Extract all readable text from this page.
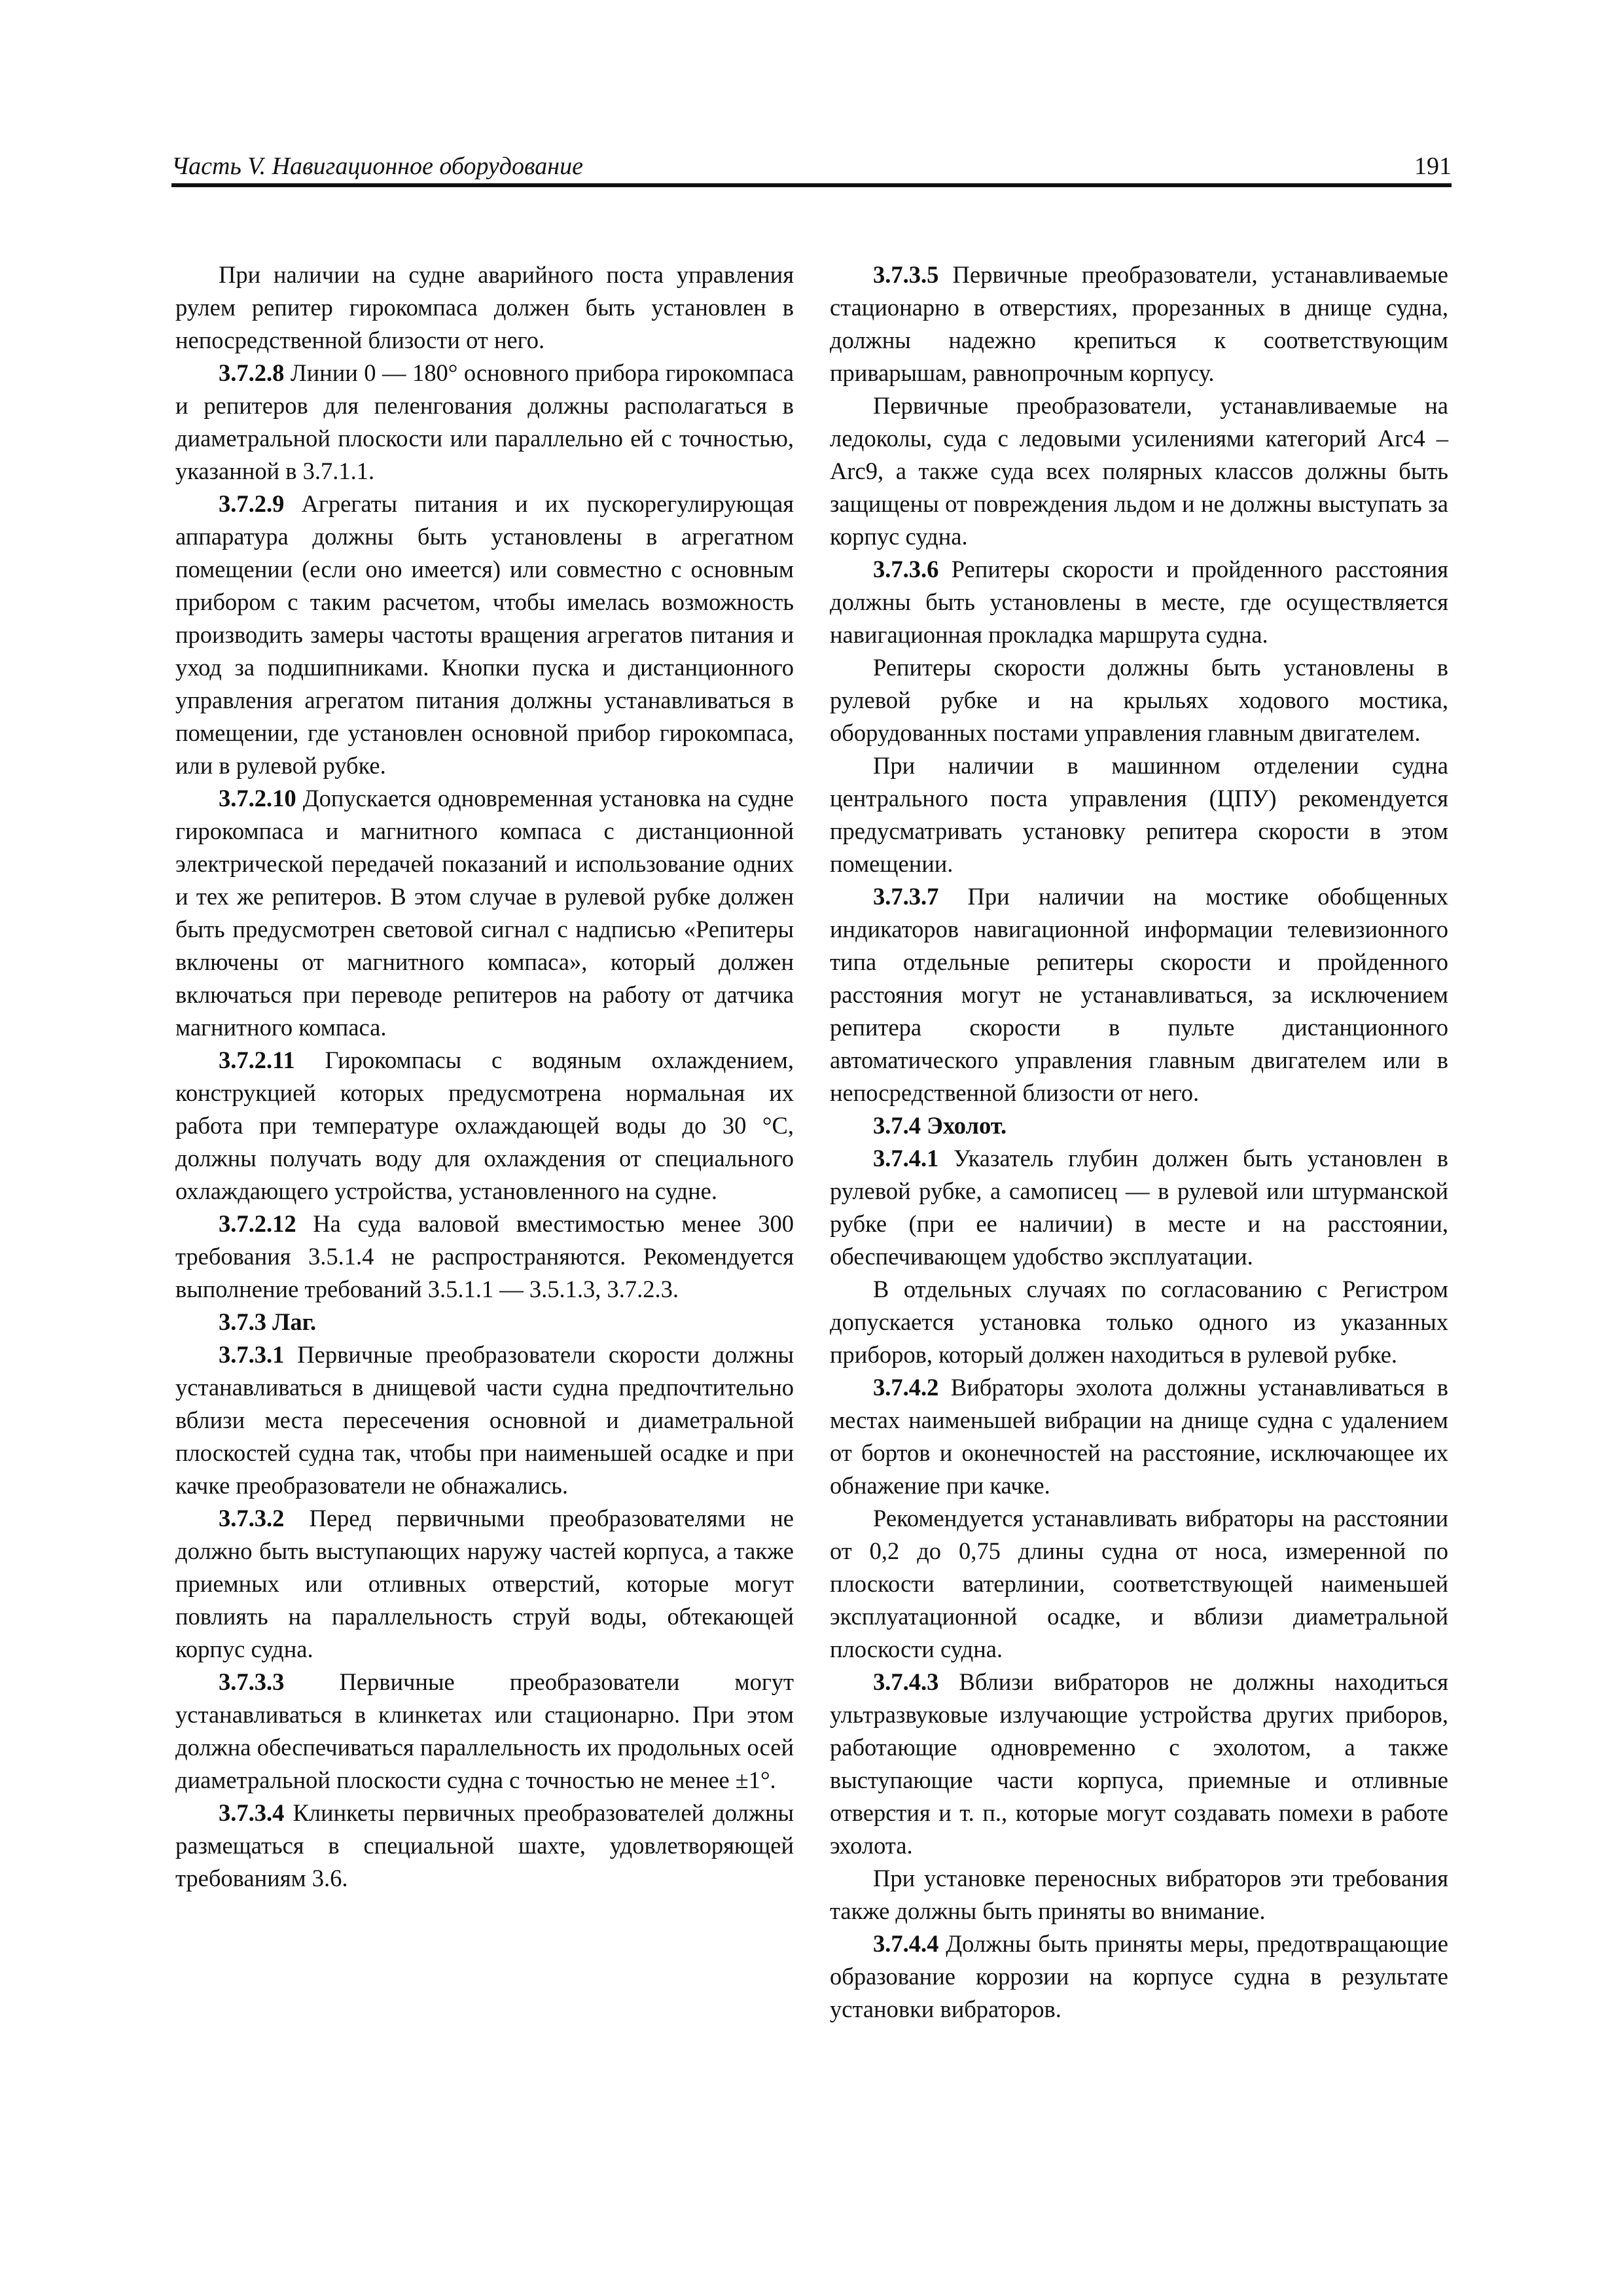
Часть V. Навигационное оборудование	191

При наличии на судне аварийного поста управления рулем репитер гирокомпаса должен быть установлен в непосредственной близости от него.

3.7.2.8 Линии 0 — 180° основного прибора гирокомпаса и репитеров для пеленгования должны располагаться в диаметральной плоскости или параллельно ей с точностью, указанной в 3.7.1.1.

3.7.2.9 Агрегаты питания и их пускорегулирующая аппаратура должны быть установлены в агрегатном помещении (если оно имеется) или совместно с основным прибором с таким расчетом, чтобы имелась возможность производить замеры частоты вращения агрегатов питания и уход за подшипниками. Кнопки пуска и дистанционного управления агрегатом питания должны устанавливаться в помещении, где установлен основной прибор гирокомпаса, или в рулевой рубке.

3.7.2.10 Допускается одновременная установка на судне гирокомпаса и магнитного компаса с дистанционной электрической передачей показаний и использование одних и тех же репитеров. В этом случае в рулевой рубке должен быть предусмотрен световой сигнал с надписью «Репитеры включены от магнитного компаса», который должен включаться при переводе репитеров на работу от датчика магнитного компаса.

3.7.2.11 Гирокомпасы с водяным охлаждением, конструкцией которых предусмотрена нормальная их работа при температуре охлаждающей воды до 30 °C, должны получать воду для охлаждения от специального охлаждающего устройства, установленного на судне.

3.7.2.12 На суда валовой вместимостью менее 300 требования 3.5.1.4 не распространяются. Рекомендуется выполнение требований 3.5.1.1 — 3.5.1.3, 3.7.2.3.

3.7.3 Лаг.

3.7.3.1 Первичные преобразователи скорости должны устанавливаться в днищевой части судна предпочтительно вблизи места пересечения основной и диаметральной плоскостей судна так, чтобы при наименьшей осадке и при качке преобразователи не обнажались.

3.7.3.2 Перед первичными преобразователями не должно быть выступающих наружу частей корпуса, а также приемных или отливных отверстий, которые могут повлиять на параллельность струй воды, обтекающей корпус судна.

3.7.3.3 Первичные преобразователи могут устанавливаться в клинкетах или стационарно. При этом должна обеспечиваться параллельность их продольных осей диаметральной плоскости судна с точностью не менее ±1°.

3.7.3.4 Клинкеты первичных преобразователей должны размещаться в специальной шахте, удовлетворяющей требованиям 3.6.

3.7.3.5 Первичные преобразователи, устанавливаемые стационарно в отверстиях, прорезанных в днище судна, должны надежно крепиться к соответствующим приварышам, равнопрочным корпусу.

Первичные преобразователи, устанавливаемые на ледоколы, суда с ледовыми усилениями категорий Arc4 – Arc9, а также суда всех полярных классов должны быть защищены от повреждения льдом и не должны выступать за корпус судна.

3.7.3.6 Репитеры скорости и пройденного расстояния должны быть установлены в месте, где осуществляется навигационная прокладка маршрута судна.

Репитеры скорости должны быть установлены в рулевой рубке и на крыльях ходового мостика, оборудованных постами управления главным двигателем.

При наличии в машинном отделении судна центрального поста управления (ЦПУ) рекомендуется предусматривать установку репитера скорости в этом помещении.

3.7.3.7 При наличии на мостике обобщенных индикаторов навигационной информации телевизионного типа отдельные репитеры скорости и пройденного расстояния могут не устанавливаться, за исключением репитера скорости в пульте дистанционного автоматического управления главным двигателем или в непосредственной близости от него.

3.7.4 Эхолот.

3.7.4.1 Указатель глубин должен быть установлен в рулевой рубке, а самописец — в рулевой или штурманской рубке (при ее наличии) в месте и на расстоянии, обеспечивающем удобство эксплуатации.

В отдельных случаях по согласованию с Регистром допускается установка только одного из указанных приборов, который должен находиться в рулевой рубке.

3.7.4.2 Вибраторы эхолота должны устанавливаться в местах наименьшей вибрации на днище судна с удалением от бортов и оконечностей на расстояние, исключающее их обнажение при качке.

Рекомендуется устанавливать вибраторы на расстоянии от 0,2 до 0,75 длины судна от носа, измеренной по плоскости ватерлинии, соответствующей наименьшей эксплуатационной осадке, и вблизи диаметральной плоскости судна.

3.7.4.3 Вблизи вибраторов не должны находиться ультразвуковые излучающие устройства других приборов, работающие одновременно с эхолотом, а также выступающие части корпуса, приемные и отливные отверстия и т. п., которые могут создавать помехи в работе эхолота.

При установке переносных вибраторов эти требования также должны быть приняты во внимание.

3.7.4.4 Должны быть приняты меры, предотвращающие образование коррозии на корпусе судна в результате установки вибраторов.
